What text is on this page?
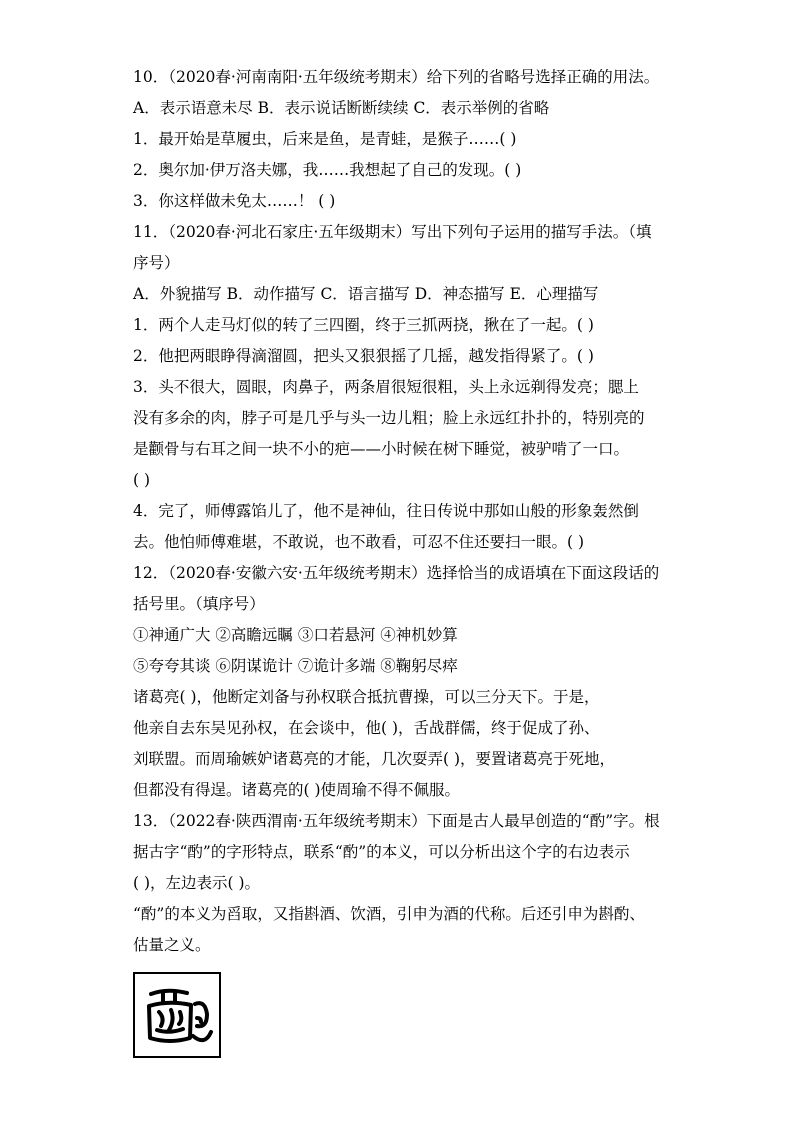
10．（2020春·河南南阳·五年级统考期末）给下列的省略号选择正确的用法。

A．表示语意未尽 B．表示说话断断续续 C．表示举例的省略

1．最开始是草履虫，后来是鱼，是青蛙，是猴子……( )

2．奥尔加·伊万洛夫娜，我……我想起了自己的发现。( )

3．你这样做未免太……！ ( )

11．（2020春·河北石家庄·五年级期末）写出下列句子运用的描写手法。（填

序号）

A．外貌描写 B．动作描写 C．语言描写 D．神态描写 E．心理描写

1．两个人走马灯似的转了三四圈，终于三抓两挠，揪在了一起。( )

2．他把两眼睁得滴溜圆，把头又狠狠摇了几摇，越发指得紧了。( )

3．头不很大，圆眼，肉鼻子，两条眉很短很粗，头上永远剃得发亮；腮上

没有多余的肉，脖子可是几乎与头一边儿粗；脸上永远红扑扑的，特别亮的

是颧骨与右耳之间一块不小的疤——小时候在树下睡觉，被驴啃了一口。

( )

4．完了，师傅露馅儿了，他不是神仙，往日传说中那如山般的形象轰然倒

去。他怕师傅难堪，不敢说，也不敢看，可忍不住还要扫一眼。( )

12．（2020春·安徽六安·五年级统考期末）选择恰当的成语填在下面这段话的

括号里。（填序号）

①神通广大 ②高瞻远瞩 ③口若悬河 ④神机妙算

⑤夸夸其谈 ⑥阴谋诡计 ⑦诡计多端 ⑧鞠躬尽瘁

诸葛亮( )，他断定刘备与孙权联合抵抗曹操，可以三分天下。于是，

他亲自去东吴见孙权，在会谈中，他( )，舌战群儒，终于促成了孙、

刘联盟。而周瑜嫉妒诸葛亮的才能，几次耍弄( )，要置诸葛亮于死地，

但都没有得逞。诸葛亮的( )使周瑜不得不佩服。

13．（2022春·陕西渭南·五年级统考期末）下面是古人最早创造的“酌”字。根

据古字“酌”的字形特点，联系“酌”的本义，可以分析出这个字的右边表示

( )，左边表示( )。

“酌”的本义为舀取，又指斟酒、饮酒，引申为酒的代称。后还引申为斟酌、

估量之义。
